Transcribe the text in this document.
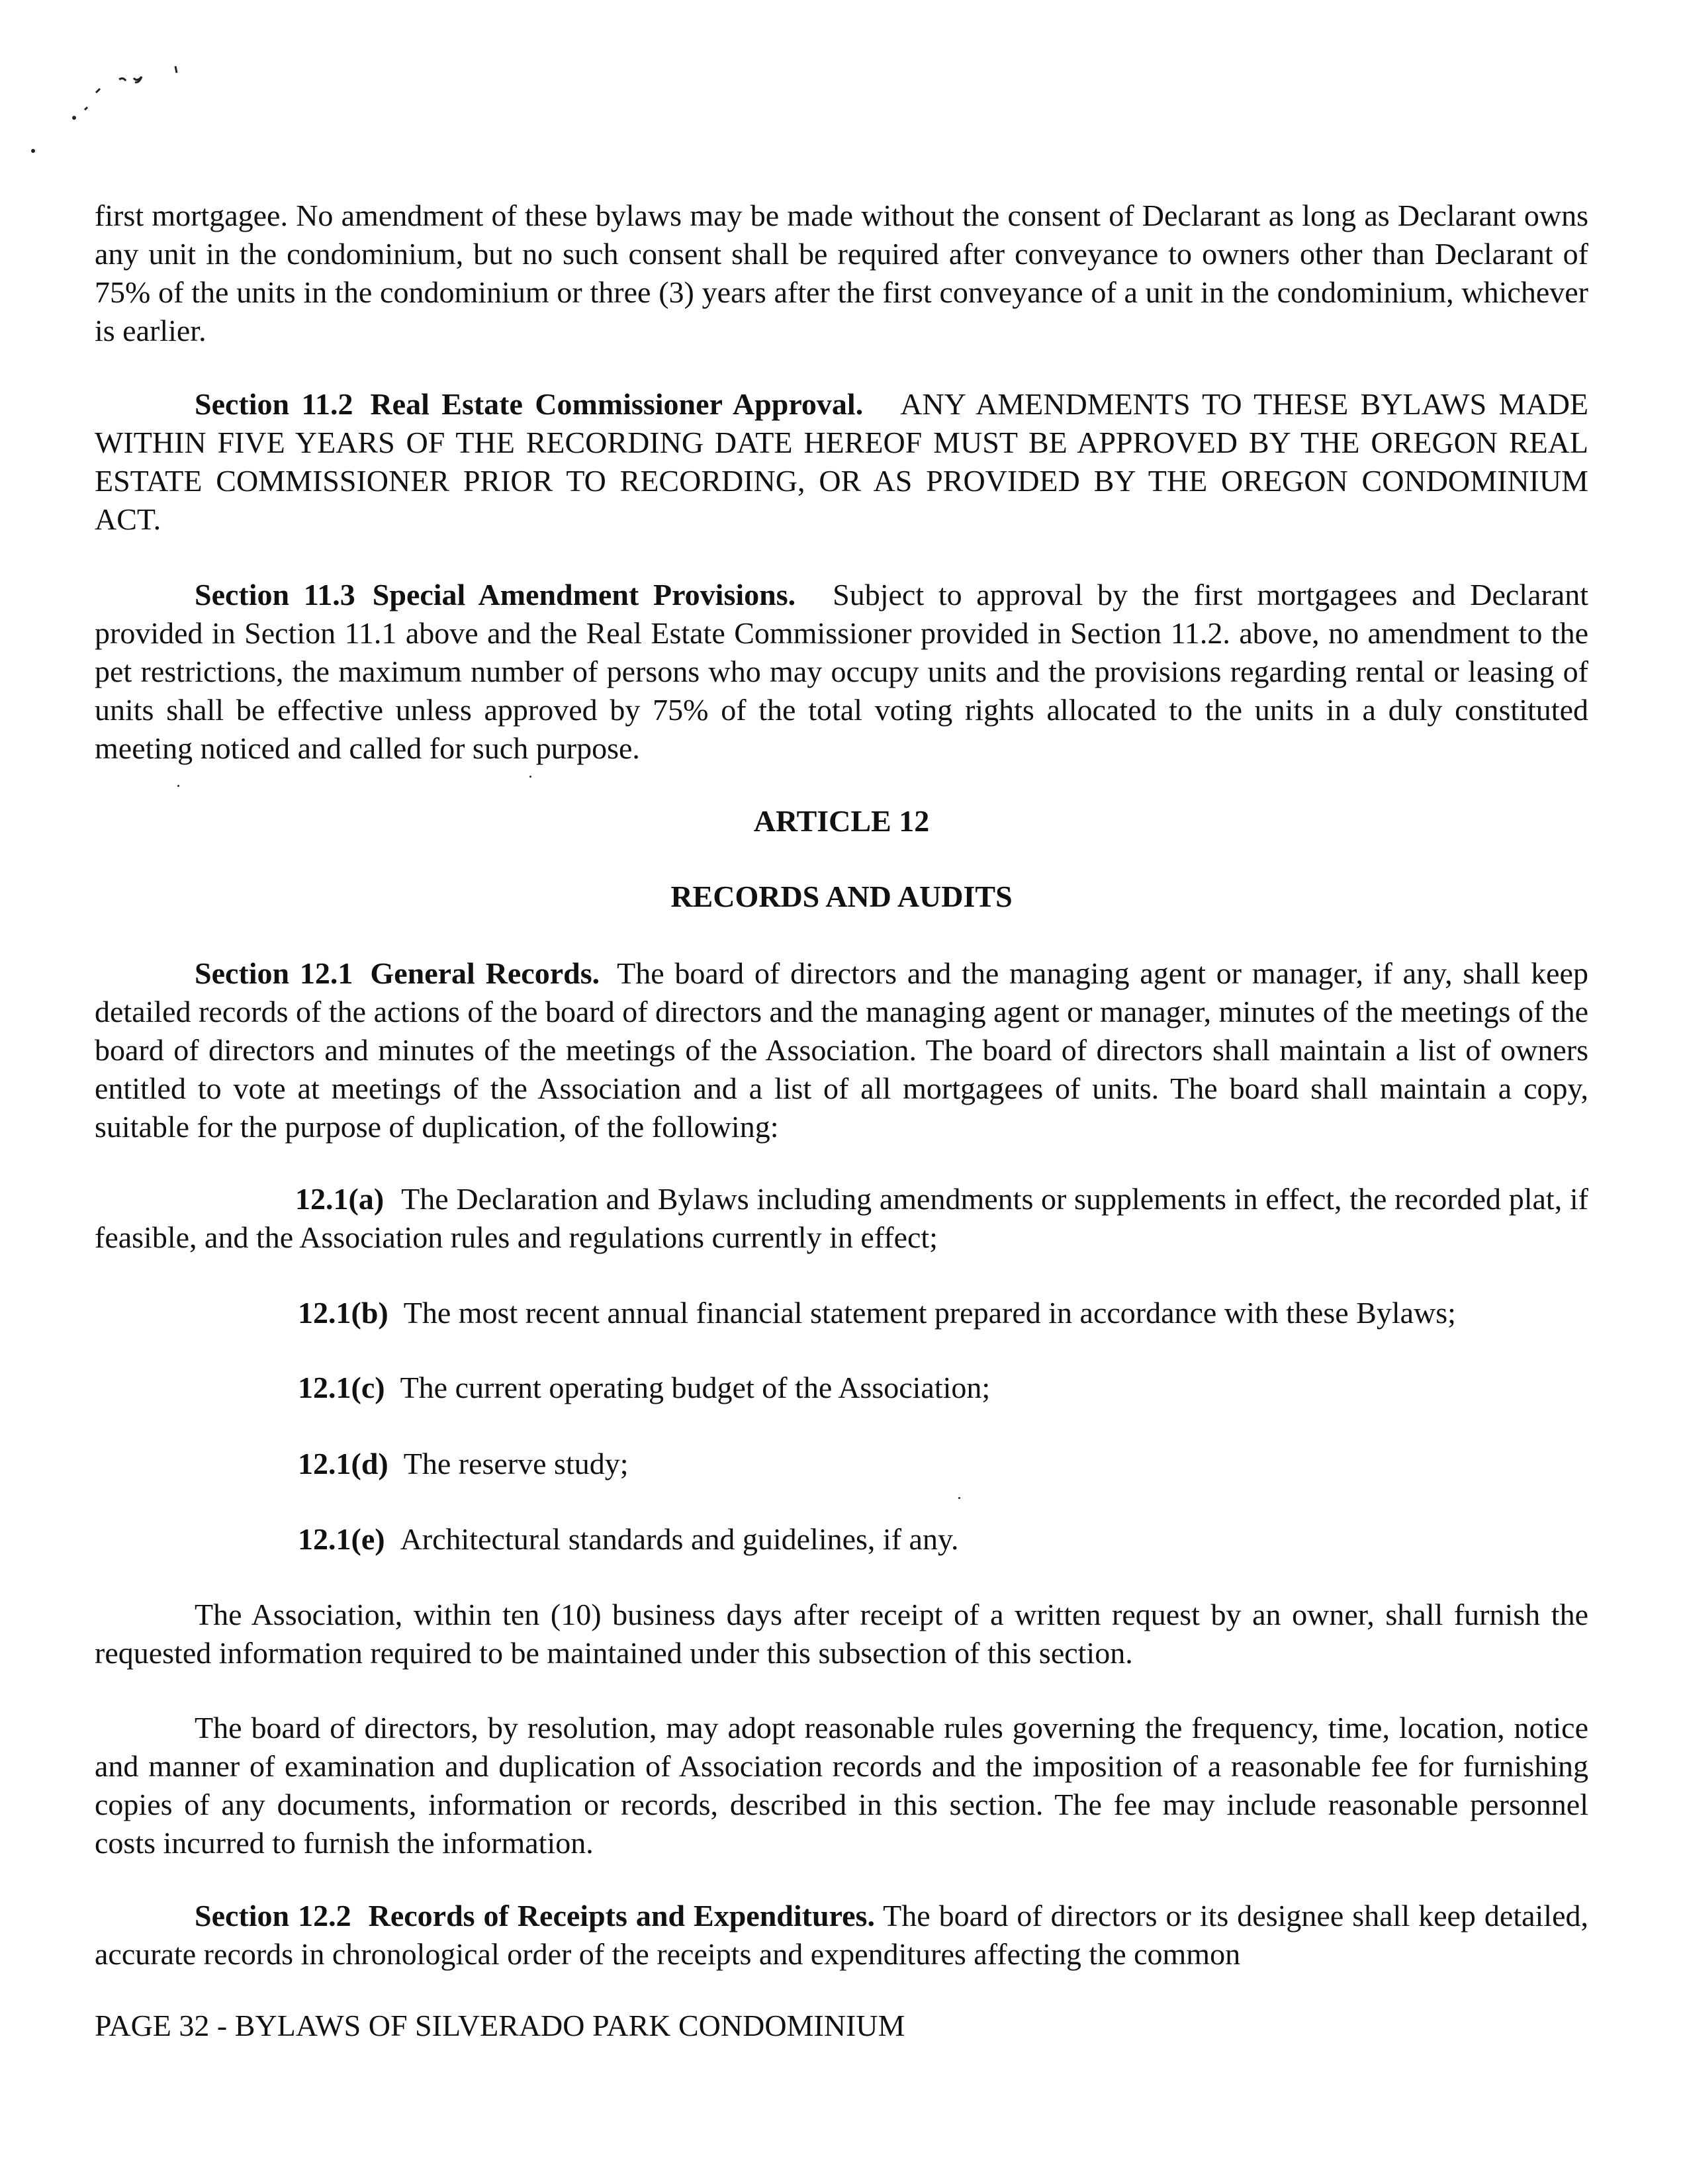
first mortgagee. No amendment of these bylaws may be made without the consent of Declarant as long as Declarant owns any unit in the condominium, but no such consent shall be required after conveyance to owners other than Declarant of 75% of the units in the condominium or three (3) years after the first conveyance of a unit in the condominium, whichever is earlier.

Section 11.2 Real Estate Commissioner Approval. ANY AMENDMENTS TO THESE BYLAWS MADE WITHIN FIVE YEARS OF THE RECORDING DATE HEREOF MUST BE APPROVED BY THE OREGON REAL ESTATE COMMISSIONER PRIOR TO RECORDING, OR AS PROVIDED BY THE OREGON CONDOMINIUM ACT.

Section 11.3 Special Amendment Provisions. Subject to approval by the first mortgagees and Declarant provided in Section 11.1 above and the Real Estate Commissioner provided in Section 11.2. above, no amendment to the pet restrictions, the maximum number of persons who may occupy units and the provisions regarding rental or leasing of units shall be effective unless approved by 75% of the total voting rights allocated to the units in a duly constituted meeting noticed and called for such purpose.

ARTICLE 12

RECORDS AND AUDITS

Section 12.1 General Records. The board of directors and the managing agent or manager, if any, shall keep detailed records of the actions of the board of directors and the managing agent or manager, minutes of the meetings of the board of directors and minutes of the meetings of the Association. The board of directors shall maintain a list of owners entitled to vote at meetings of the Association and a list of all mortgagees of units. The board shall maintain a copy, suitable for the purpose of duplication, of the following:

12.1(a) The Declaration and Bylaws including amendments or supplements in effect, the recorded plat, if feasible, and the Association rules and regulations currently in effect;

12.1(b) The most recent annual financial statement prepared in accordance with these Bylaws;

12.1(c) The current operating budget of the Association;

12.1(d) The reserve study;

12.1(e) Architectural standards and guidelines, if any.

The Association, within ten (10) business days after receipt of a written request by an owner, shall furnish the requested information required to be maintained under this subsection of this section.

The board of directors, by resolution, may adopt reasonable rules governing the frequency, time, location, notice and manner of examination and duplication of Association records and the imposition of a reasonable fee for furnishing copies of any documents, information or records, described in this section. The fee may include reasonable personnel costs incurred to furnish the information.

Section 12.2 Records of Receipts and Expenditures. The board of directors or its designee shall keep detailed, accurate records in chronological order of the receipts and expenditures affecting the common

PAGE 32 - BYLAWS OF SILVERADO PARK CONDOMINIUM
